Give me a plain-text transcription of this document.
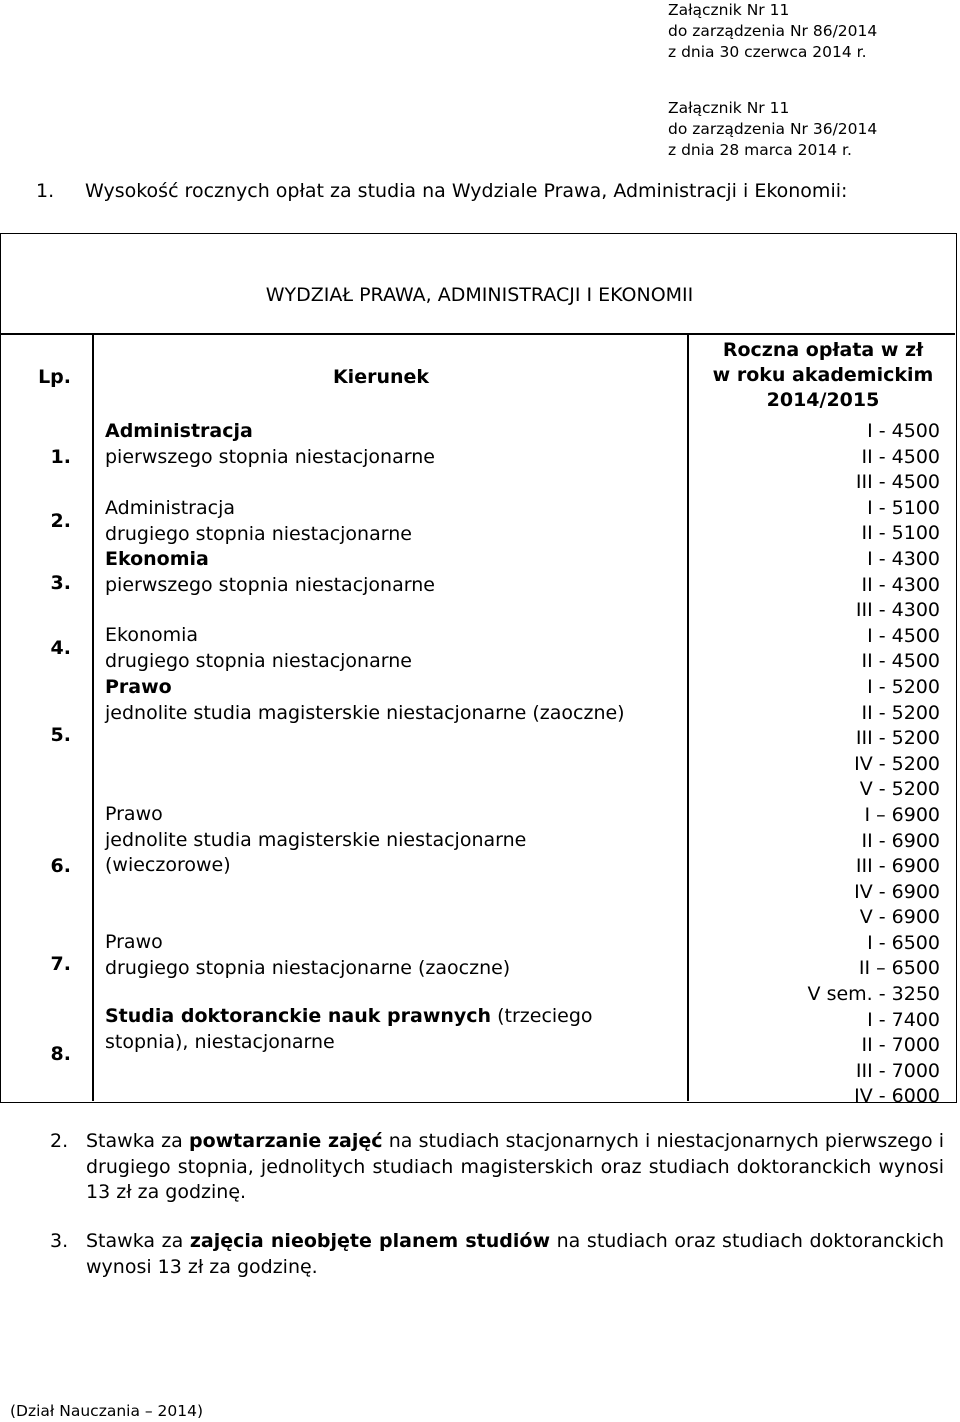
Załącznik Nr 11
do zarządzenia Nr 86/2014
z dnia 30 czerwca 2014 r.
Załącznik Nr 11
do zarządzenia Nr 36/2014
z dnia 28 marca 2014 r.
1. Wysokość rocznych opłat za studia na Wydziale Prawa, Administracji i Ekonomii:
WYDZIAŁ PRAWA, ADMINISTRACJI I EKONOMII
Lp.	Kierunek
Roczna opłata w zł
w roku akademickim
2014/2015
1.
2.
3.
4.
5.
6.
7.
8.
Administracja
pierwszego stopnia niestacjonarne
Administracja
drugiego stopnia niestacjonarne
Ekonomia
pierwszego stopnia niestacjonarne
Ekonomia
drugiego stopnia niestacjonarne
Prawo
jednolite studia magisterskie niestacjonarne (zaoczne)
Prawo
jednolite studia magisterskie niestacjonarne
(wieczorowe)
Prawo
drugiego stopnia niestacjonarne (zaoczne)
Studia doktoranckie nauk prawnych (trzeciego
stopnia), niestacjonarne
I - 4500
II - 4500
III - 4500
I - 5100
II - 5100
I - 4300
II - 4300
III - 4300
I - 4500
II - 4500
I - 5200
II - 5200
III - 5200
IV - 5200
V - 5200
I – 6900
II - 6900
III - 6900
IV - 6900
V - 6900
I - 6500
II – 6500
V sem. - 3250
I - 7400
II - 7000
III - 7000
IV - 6000
2. Stawka za powtarzanie zajęć na studiach stacjonarnych i niestacjonarnych pierwszego i drugiego stopnia, jednolitych studiach magisterskich oraz studiach doktoranckich wynosi 13 zł za godzinę.
3. Stawka za zajęcia nieobjęte planem studiów na studiach oraz studiach doktoranckich wynosi 13 zł za godzinę.
(Dział Nauczania – 2014)
